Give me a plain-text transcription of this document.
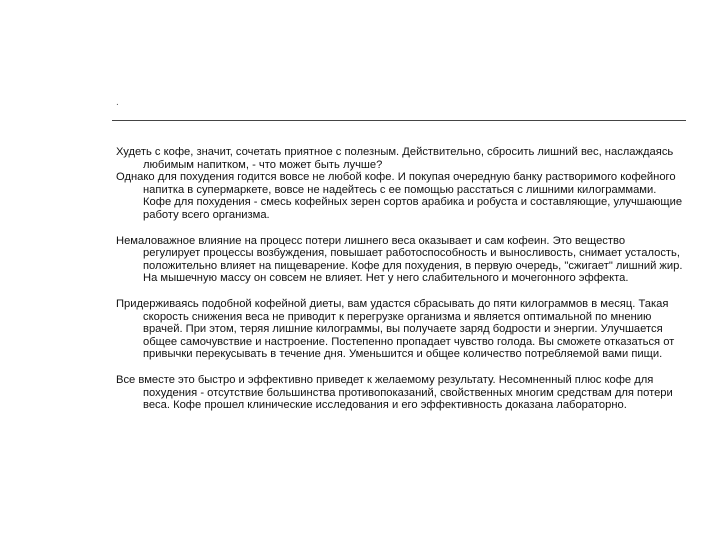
.

Худеть с кофе, значит, сочетать приятное с полезным. Действительно, сбросить лишний вес, наслаждаясь любимым напитком, - что может быть лучше?

Однако для похудения годится вовсе не любой кофе. И покупая очередную банку растворимого кофейного напитка в супермаркете, вовсе не надейтесь с ее помощью расстаться с лишними килограммами. Кофе для похудения - смесь кофейных зерен сортов арабика и робуста и составляющие, улучшающие работу всего организма.

Немаловажное влияние на процесс потери лишнего веса оказывает и сам кофеин. Это вещество регулирует процессы возбуждения, повышает работоспособность и выносливость, снимает усталость, положительно влияет на пищеварение. Кофе для похудения, в первую очередь, "сжигает" лишний жир. На мышечную массу он совсем не влияет. Нет у него слабительного и мочегонного эффекта.

Придерживаясь подобной кофейной диеты, вам удастся сбрасывать до пяти килограммов в месяц. Такая скорость снижения веса не приводит к перегрузке организма и является оптимальной по мнению врачей. При этом, теряя лишние килограммы, вы получаете заряд бодрости и энергии. Улучшается общее самочувствие и настроение. Постепенно пропадает чувство голода. Вы сможете отказаться от привычки перекусывать в течение дня. Уменьшится и общее количество потребляемой вами пищи.

Все вместе это быстро и эффективно приведет к желаемому результату. Несомненный плюс кофе для похудения - отсутствие большинства противопоказаний, свойственных многим средствам для потери веса. Кофе прошел клинические исследования и его эффективность доказана лабораторно.
